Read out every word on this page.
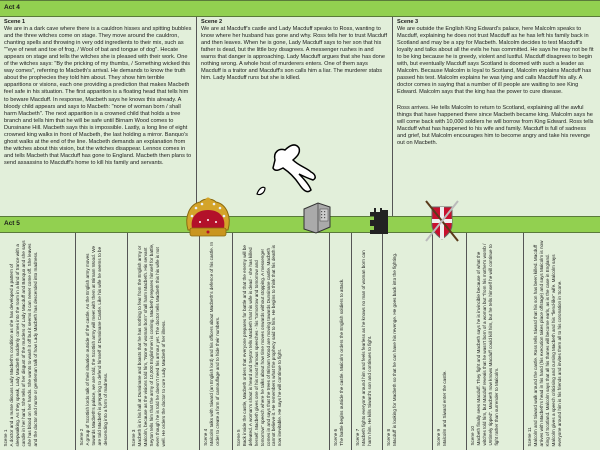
Act 4
Scene 1

We are in a dark cave where there is a cauldron hisses and spitting bubbles and the three witches come on stage. They move around the cauldron, chanting spells and throwing in very odd ingredients to their mix, such as ""eye of newt and toe of frog, / Wool of bat and tongue of dog". Hecate appears on stage and tells the witches she is pleased with their work. One of the witches says: "By the pricking of my thumbs, / Something wicked this way comes", referring to Macbeth's arrival. He demands to know the truth about the prophecies they told him about. They show him terrible apparitions or visions, each one providing a prediction that makes Macbeth feel safe in his situation. The first apparition is a floating head that tells him to beware Macduff. In response, Macbeth says he knows this already. A bloody child appears and says to Macbeth: "none of woman born / shall harm Macbeth". The next apparition is a crowned child that holds a tree branch and tells him that he will be safe until Birnam Wood comes to Dunsinane Hill. Macbeth says this is impossible. Lastly, a long line of eight crowned king walks in front of Macbeth, the last holding a mirror. Banquo's ghost walks at the end of the line. Macbeth demands an explanation from the witches about this vision, but the witches disappear. Lennox comes in and tells Macbeth that Macduff has gone to England. Macbeth then plans to send assassins to Macduff's home to kill his family and servants.

Scene 2

We are at Macduff's castle and Lady Macduff speaks to Ross, wanting to know where her husband has gone and why. Ross tells her to trust Macduff and then leaves. When he is gone, Lady Macduff says to her son that his father is dead, but the little boy disagrees. A messenger rushes in and warns that danger is approaching. Lady Macduff argues that she has done nothing wrong. A whole host of murderers enters. One of them says Macduff is a traitor and Macduff's son calls him a liar. The murderer stabs him. Lady Macduff runs but she is killed.

Scene 3

We are outside the English King Edward's palace, here Malcolm speaks to Macduff, explaining he does not trust Macduff as he has left his family back in Scotland and may be a spy for Macbeth. Malcolm decides to test Macduff's loyalty and talks about all the evils he has committed. He says he may not be fit to be king because he is greedy, violent and lustful. Macduff disagrees to begin with, but eventually Macduff says Scotland is doomed with such a leader as Malcolm. Because Malcolm is loyal to Scotland, Malcolm explains Macduff has passed his test. Malcolm explains he was lying and calls Macduff his ally. A doctor comes in saying that a number of ill people are waiting to see King Edward. Malcolm says that the king has the power to cure disease.

Ross arrives. He tells Malcolm to return to Scotland, explaining all the awful things that have happened there since Macbeth became king. Malcolm says he will come back with 10,000 soldiers he will borrow from King Edward. Ross tells Macduff what has happened to his wife and family. Macduff is full of sadness and grief, but Malcolm encourages him to become angry and take his revenge out on Macbeth.

Act 5
Scene 1 A doctor and a nurse discuss Lady Macbeth's condition as she has developed a pattern of sleepwalking. As they speak, Lady Macbeth suddenly comes into the room in a kind of trance with a candle in her hand. She tells of her disgust of the murders of Lady Macduff and Banquo and she says she has blood on her hands. She wants to wash it off but it seems it can never come off. She leaves and the doctor and nurse or gentleman talk of how Lady Macbeth has descended into madness.	Scene 2 A group of Scottish lords talk of their situation outside of the castle. As the English army moves towards Macbeth's palace, we are told, the Scottish army will meet with them at Birnam Wood. We are told Macbeth is preparing to defend himself at Dunsinane Castle. Like his wife he seems to be descending into a form of madness.	Scene 3 Macbeth is in his hall at Dunsinane and boasts that he has nothing to fear from the English army or Malcolm, because as the visions told him, "None of woman born" shall harm Macbeth. His servant Seyton tells him that the army of 10,000 Englishmen is coming. Macbeth prepares himself for battle, even though he is told he doesn't need his armour yet. The doctor tells Macbeth this his wife is not well. He orders the doctor to cure Lady Macbeth of her illness.	Scene 4 Malcolm talks with Siward (an English lord) and his officers about Macbeth's defence of his castle. In order to create a form of camouflage and to hide their numbers.	Scene 5 Back inside the castle, Macbeth orders that everyone prepares for battle and that the enemy will be defeated. A woman's shout is heard and Seyton tells Macbeth that his wife is dead - she has killed herself. Macbeth gives one of his most famous speeches - his "tomorrow and tomorrow and tomorrow" speech where he talks about how time moves onwards without stopping. A messenger comes in and says that the trees of Birnam Wood are moving towards Dunsinane castle. Macbeth cannot believe it. He remembers what the prophecy said to him. He begins to think that his death is now inevitable. He says he will continue to fight.	Scene 6 The battle begins outside the castle. Malcolm orders the English soldiers to attack.	Scene 7 Macbeth fights everyone around him and feels fearless as he knows no man of woman born can harm him. He kills Siward's son and continues to fight.	Scene 8 Macduff is looking for Macbeth so that he can have his revenge. He goes back into the fighting.	Scene 9 Malcolm and Siward enter the castle.	Scene 10 Macbeth finally sees Macduff. They fight and Macbeth says he is invincible because of what the witches told him, but Macduff reveals that he wasn't born of a woman but "from his mother's womb / Untimely ripped". Macbeth now knows Macduff could kill him, but he tells himself he will continue to fight rather than surrender to Malcolm.	Scene 11 Malcolm and Siward walk around the castle. Ross tells Siward that his son has been killed. Macduff arrives with Macbeth's head in his hand (his execution takes place offstage) and says Malcolm is now King of Scotland. Malcolm says that all his thanes will become earls, as is the case in England. Malcolm gives a speech criticising and cursing Macbeth and his "fiend-like" wife. Malcolm says everyone around him is his friends and invites them all to his coronation in Scone.
